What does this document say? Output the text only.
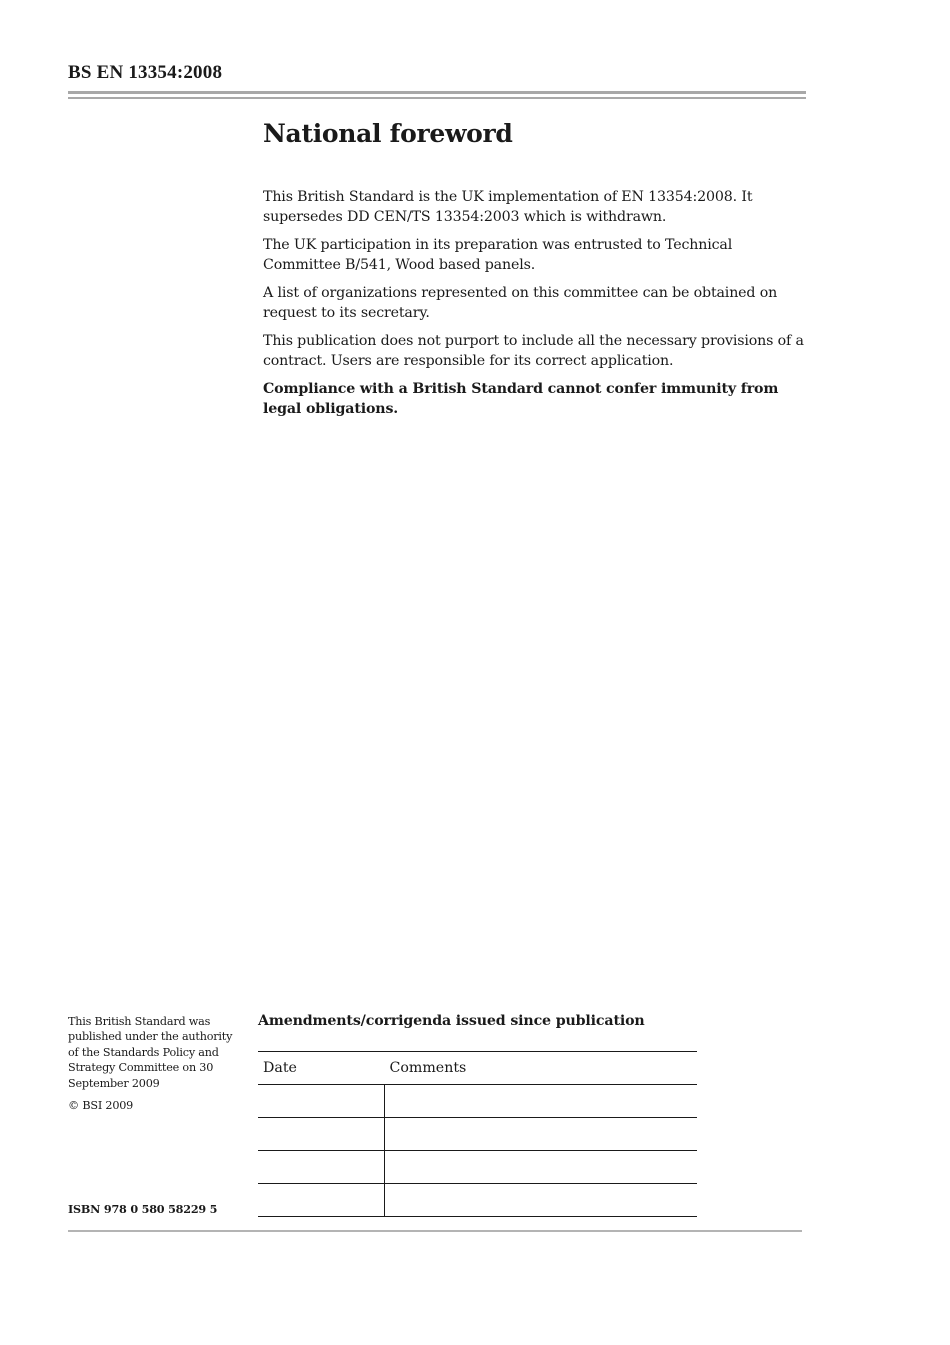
BS EN 13354:2008
National foreword

This British Standard is the UK implementation of EN 13354:2008. It supersedes DD CEN/TS 13354:2003 which is withdrawn.

The UK participation in its preparation was entrusted to Technical Committee B/541, Wood based panels.

A list of organizations represented on this committee can be obtained on request to its secretary.

This publication does not purport to include all the necessary provisions of a contract. Users are responsible for its correct application.

Compliance with a British Standard cannot confer immunity from legal obligations.

This British Standard was published under the authority of the Standards Policy and Strategy Committee on 30 September 2009

© BSI 2009

ISBN 978 0 580 58229 5
Amendments/corrigenda issued since publication
Date	Comments
